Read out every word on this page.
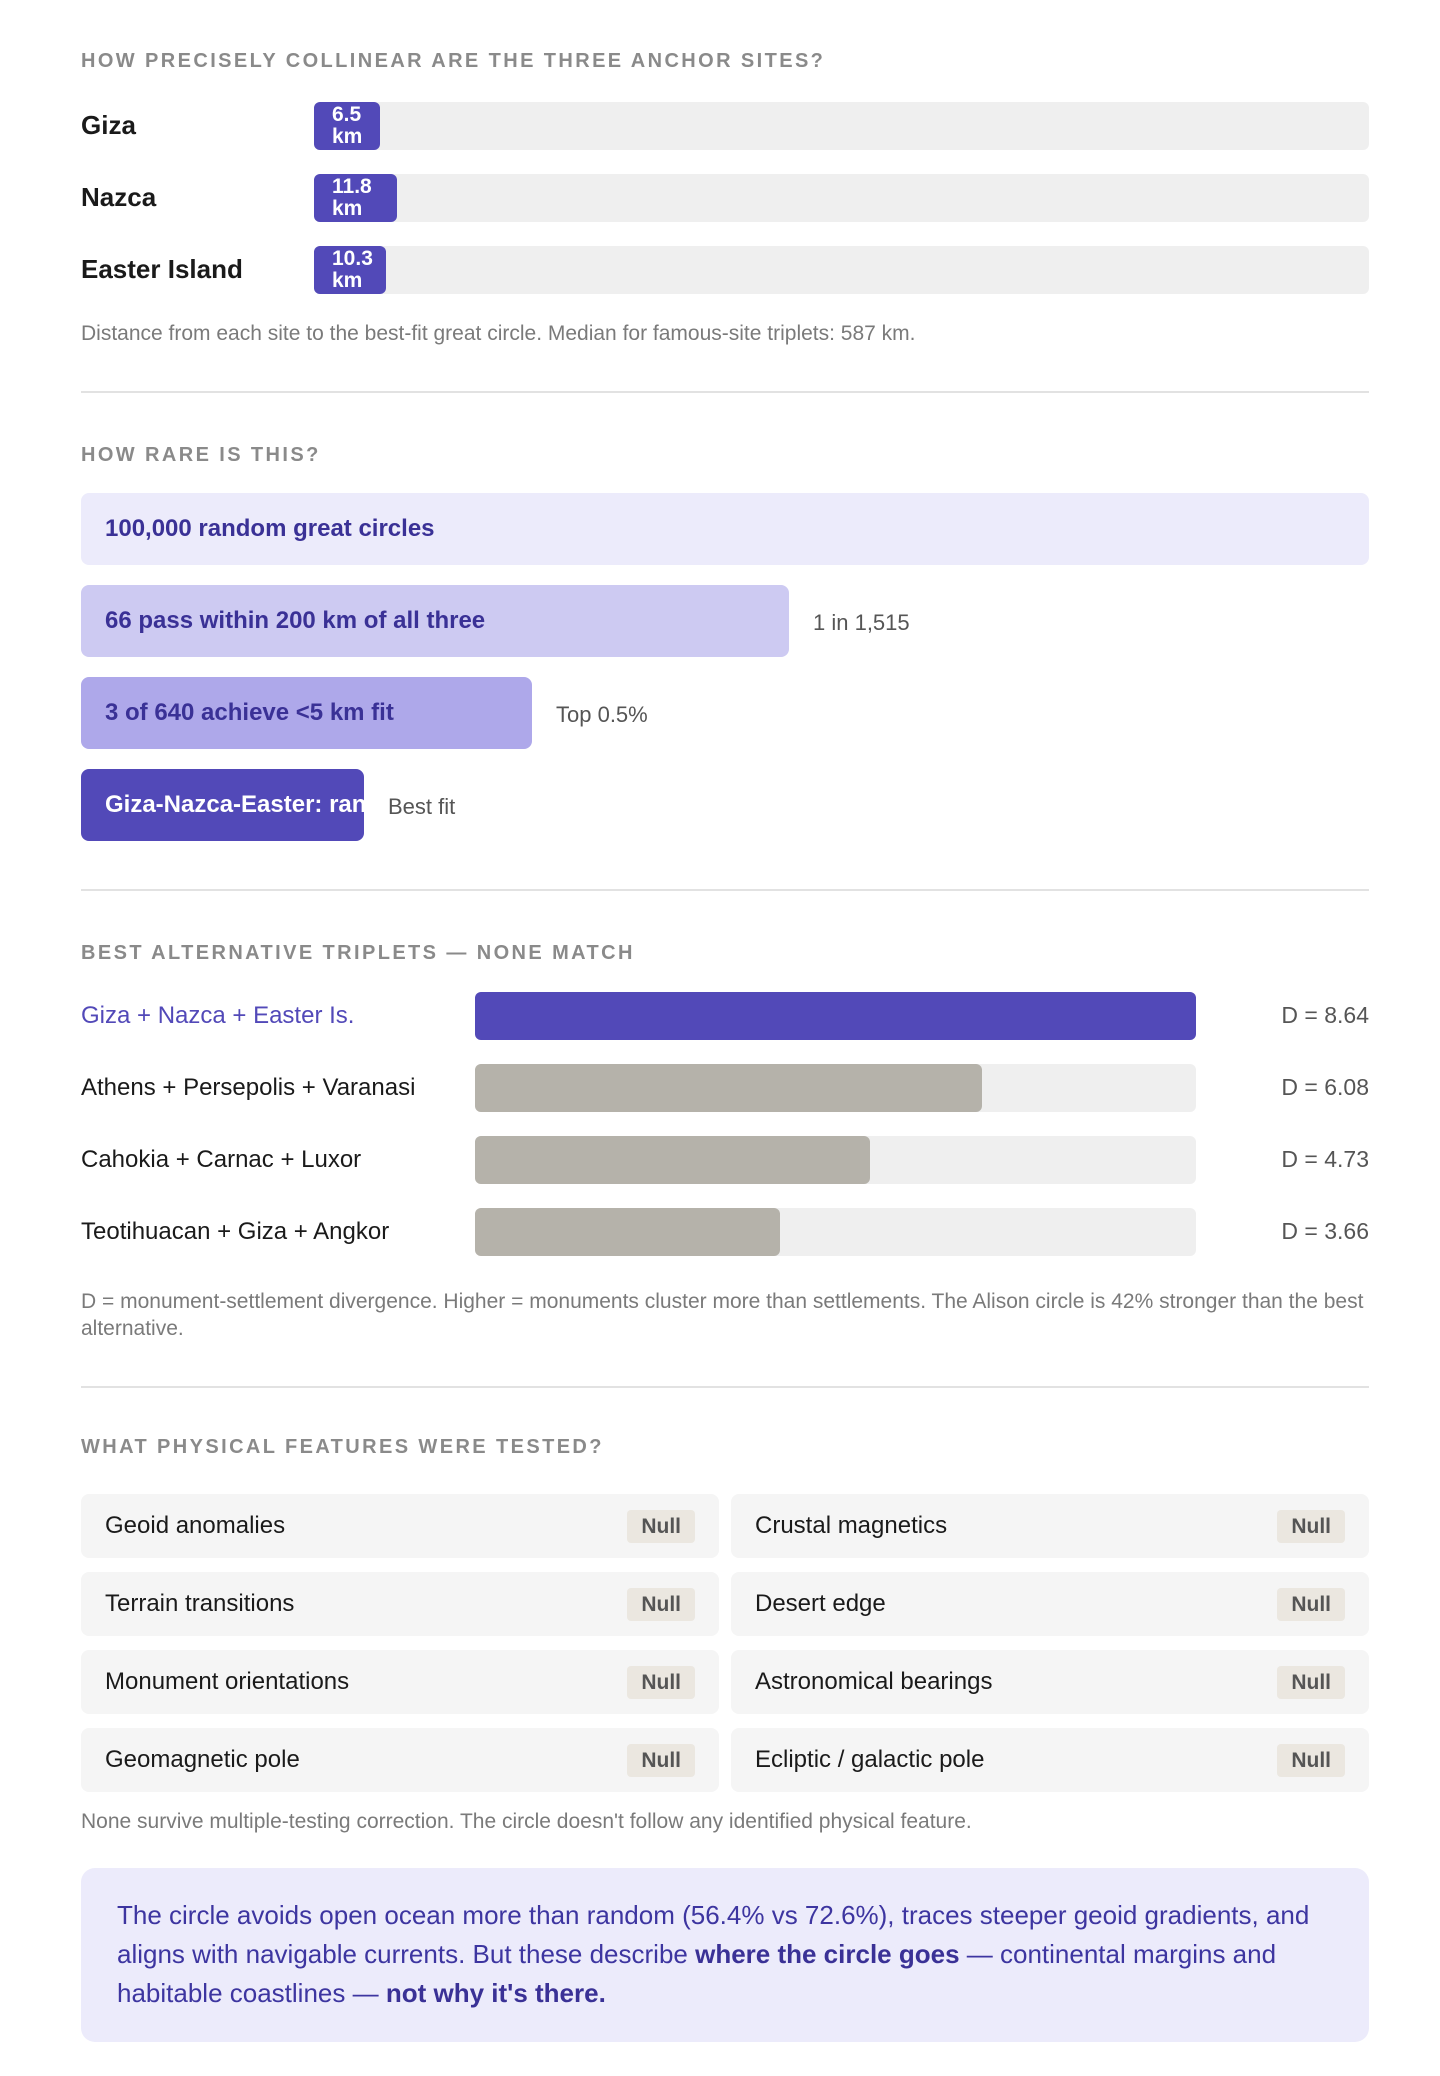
HOW PRECISELY COLLINEAR ARE THE THREE ANCHOR SITES?
Giza	6.5 km
Nazca	11.8 km
Easter Island	10.3 km
Distance from each site to the best-fit great circle. Median for famous-site triplets: 587 km.
HOW RARE IS THIS?
100,000 random great circles
66 pass within 200 km of all three	1 in 1,515
3 of 640 achieve <5 km fit	Top 0.5%
Giza-Nazca-Easter: rank 1
Best fit
BEST ALTERNATIVE TRIPLETS — NONE MATCH
Giza + Nazca + Easter Is.	D = 8.64
Athens + Persepolis + Varanasi	D = 6.08
Cahokia + Carnac + Luxor	D = 4.73
Teotihuacan + Giza + Angkor	D = 3.66
D = monument-settlement divergence. Higher = monuments cluster more than settlements. The Alison circle is 42% stronger than the best alternative.
WHAT PHYSICAL FEATURES WERE TESTED?
Geoid anomalies	Null	Crustal magnetics	Null
Terrain transitions	Null	Desert edge	Null
Monument orientations	Null	Astronomical bearings	Null
Geomagnetic pole	Null	Ecliptic / galactic pole	Null
None survive multiple-testing correction. The circle doesn't follow any identified physical feature.
The circle avoids open ocean more than random (56.4% vs 72.6%), traces steeper geoid gradients, and aligns with navigable currents. But these describe where the circle goes — continental margins and habitable coastlines — not why it's there.
